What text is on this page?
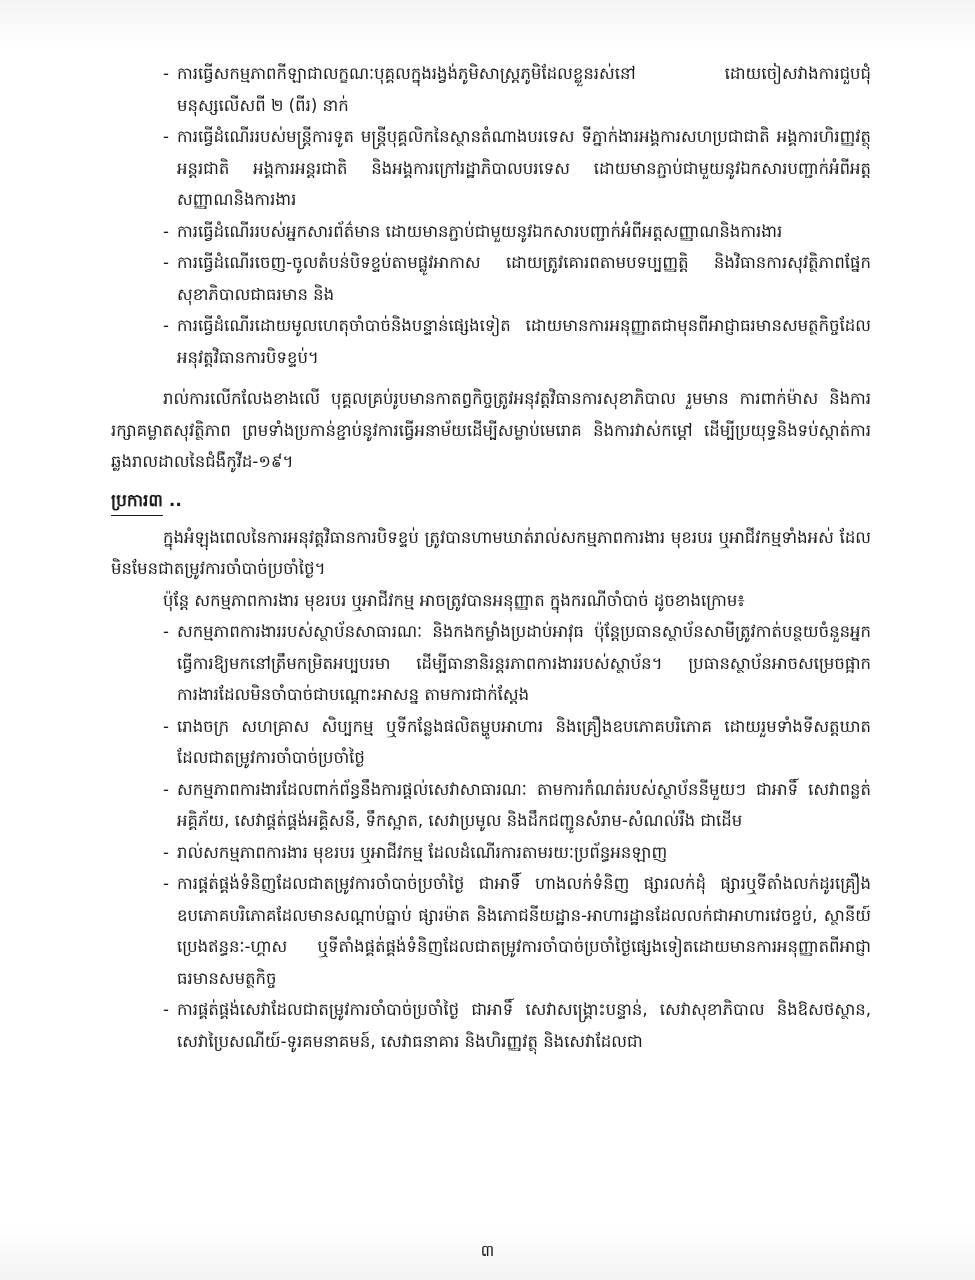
- ការធ្វើសកម្មភាពកីឡាជាលក្ខណៈបុគ្គលក្នុងរង្វង់ភូមិសាស្រ្តភូមិដែលខ្លួនរស់នៅ ដោយចៀសវាងការជួបជុំមនុស្សលើសពី ២ (ពីរ) នាក់

- ការធ្វើដំណើររបស់មន្ត្រីការទូត មន្ត្រីបុគ្គលិកនៃស្ថានតំណាងបរទេស ទីភ្នាក់ងារអង្គការសហប្រជាជាតិ អង្គការហិរញ្ញវត្ថុអន្តរជាតិ អង្គការអន្តរជាតិ និងអង្គការក្រៅរដ្ឋាភិបាលបរទេស ដោយមានភ្ជាប់ជាមួយនូវឯកសារបញ្ជាក់អំពីអត្តសញ្ញាណនិងការងារ

- ការធ្វើដំណើររបស់អ្នកសារព័ត៌មាន ដោយមានភ្ជាប់ជាមួយនូវឯកសារបញ្ជាក់អំពីអត្តសញ្ញាណនិងការងារ

- ការធ្វើដំណើរចេញ-ចូលតំបន់បិទខ្ទប់តាមផ្លូវអាកាស ដោយត្រូវគោរពតាមបទប្បញ្ញត្តិ និងវិធានការសុវត្ថិភាពផ្នែកសុខាភិបាលជាធរមាន និង

- ការធ្វើដំណើរដោយមូលហេតុចាំបាច់និងបន្ទាន់ផ្សេងទៀត ដោយមានការអនុញ្ញាតជាមុនពីអាជ្ញាធរមានសមត្ថកិច្ចដែលអនុវត្តវិធានការបិទខ្ទប់។

រាល់ការលើកលែងខាងលើ បុគ្គលគ្រប់រូបមានកាតព្វកិច្ចត្រូវអនុវត្តវិធានការសុខាភិបាល រួមមាន ការពាក់ម៉ាស និងការរក្សាគម្លាតសុវត្ថិភាព ព្រមទាំងប្រកាន់ខ្ជាប់នូវការធ្វើអនាម័យដើម្បីសម្លាប់មេរោគ និងការវាស់កម្ដៅ ដើម្បីប្រយុទ្ធនិងទប់ស្កាត់ការឆ្លងរាលដាលនៃជំងឺកូវីដ-១៩។

ប្រការ៣ ..

ក្នុងអំឡុងពេលនៃការអនុវត្តវិធានការបិទខ្ទប់ ត្រូវបានហាមឃាត់រាល់សកម្មភាពការងារ មុខរបរ ឬអាជីវកម្មទាំងអស់ ដែលមិនមែនជាតម្រូវការចាំបាច់ប្រចាំថ្ងៃ។

ប៉ុន្តែ សកម្មភាពការងារ មុខរបរ ឬអាជីវកម្ម អាចត្រូវបានអនុញ្ញាត ក្នុងករណីចាំបាច់ ដូចខាងក្រោម៖

- សកម្មភាពការងាររបស់ស្ថាប័នសាធារណៈ និងកងកម្លាំងប្រដាប់អាវុធ ប៉ុន្តែប្រធានស្ថាប័នសាមីត្រូវកាត់បន្ថយចំនួនអ្នកធ្វើការឱ្យមកនៅត្រឹមកម្រិតអប្បបរមា ដើម្បីធានានិរន្តរភាពការងាររបស់ស្ថាប័ន។ ប្រធានស្ថាប័នអាចសម្រេចផ្អាកការងារដែលមិនចាំបាច់ជាបណ្ដោះអាសន្ន តាមការជាក់ស្ដែង

- រោងចក្រ សហគ្រាស សិប្បកម្ម ឬទីកន្លែងផលិតម្ហូបអាហារ និងគ្រឿងឧបភោគបរិភោគ ដោយរួមទាំងទីសត្តឃាត ដែលជាតម្រូវការចាំបាច់ប្រចាំថ្ងៃ

- សកម្មភាពការងារដែលពាក់ព័ន្ធនឹងការផ្ដល់សេវាសាធារណៈ តាមការកំណត់របស់ស្ថាប័ននីមួយៗ ជាអាទិ៍ សេវាពន្លត់អគ្គិភ័យ, សេវាផ្គត់ផ្គង់អគ្គិសនី, ទឹកស្អាត, សេវាប្រមូល និងដឹកជញ្ជូនសំរាម-សំណល់រឹង ជាដើម

- រាល់សកម្មភាពការងារ មុខរបរ ឬអាជីវកម្ម ដែលដំណើរការតាមរយៈប្រព័ន្ធអនឡាញ

- ការផ្គត់ផ្គង់ទំនិញដែលជាតម្រូវការចាំបាច់ប្រចាំថ្ងៃ ជាអាទិ៍ ហាងលក់ទំនិញ ផ្សារលក់ដុំ ផ្សារឬទីតាំងលក់ដូរគ្រឿងឧបភោគបរិភោគដែលមានសណ្ដាប់ធ្នាប់ ផ្សារម៉ាត និងភោជនីយដ្ឋាន-អាហារដ្ឋានដែលលក់ជាអាហារវេចខ្ចប់, ស្ថានីយ៍ប្រេងឥន្ធនៈ-ហ្គាស ឬទីតាំងផ្គត់ផ្គង់ទំនិញដែលជាតម្រូវការចាំបាច់ប្រចាំថ្ងៃផ្សេងទៀតដោយមានការអនុញ្ញាតពីអាជ្ញាធរមានសមត្ថកិច្ច

- ការផ្គត់ផ្គង់សេវាដែលជាតម្រូវការចាំបាច់ប្រចាំថ្ងៃ ជាអាទិ៍ សេវាសង្គ្រោះបន្ទាន់, សេវាសុខាភិបាល និងឱសថស្ថាន, សេវាប្រៃសណីយ៍-ទូរគមនាគមន៍, សេវាធនាគារ និងហិរញ្ញវត្ថុ និងសេវាដែលជា

៣
